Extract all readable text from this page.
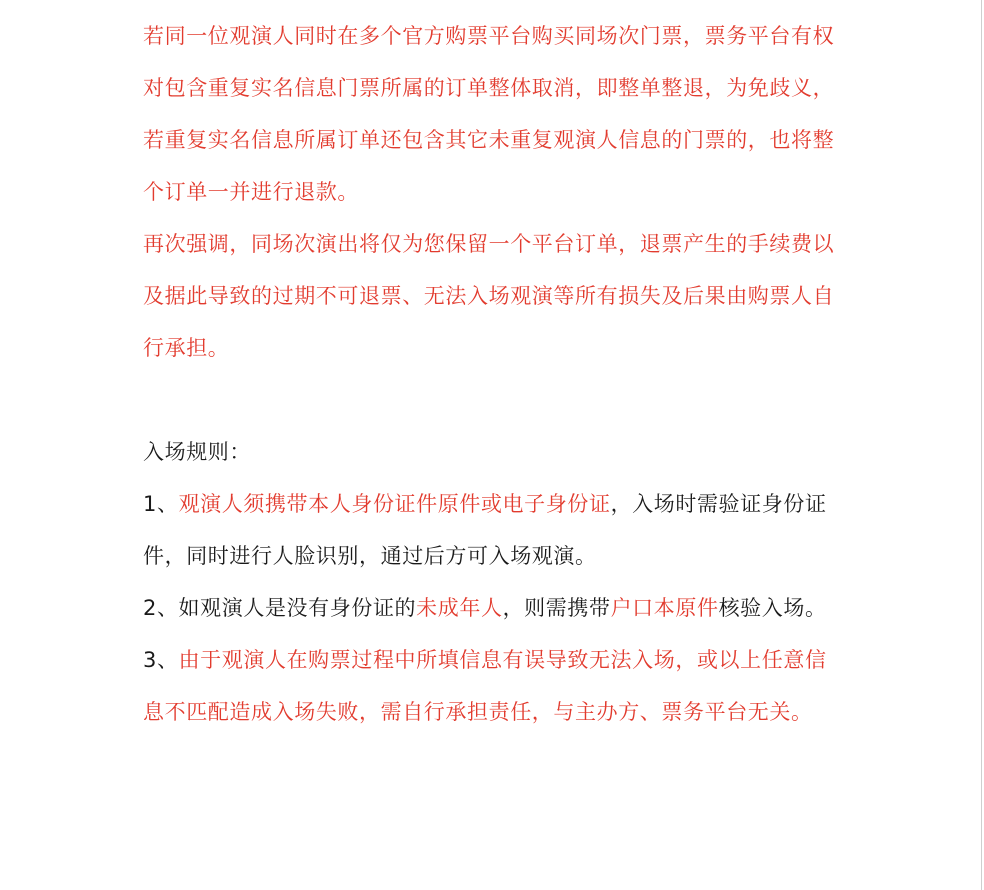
若同一位观演人同时在多个官方购票平台购买同场次门票，票务平台有权对包含重复实名信息门票所属的订单整体取消，即整单整退，为免歧义，若重复实名信息所属订单还包含其它未重复观演人信息的门票的，也将整个订单一并进行退款。

再次强调，同场次演出将仅为您保留一个平台订单，退票产生的手续费以及据此导致的过期不可退票、无法入场观演等所有损失及后果由购票人自行承担。

入场规则：

1、观演人须携带本人身份证件原件或电子身份证，入场时需验证身份证件，同时进行人脸识别，通过后方可入场观演。

2、如观演人是没有身份证的未成年人，则需携带户口本原件核验入场。

3、由于观演人在购票过程中所填信息有误导致无法入场，或以上任意信息不匹配造成入场失败，需自行承担责任，与主办方、票务平台无关。
